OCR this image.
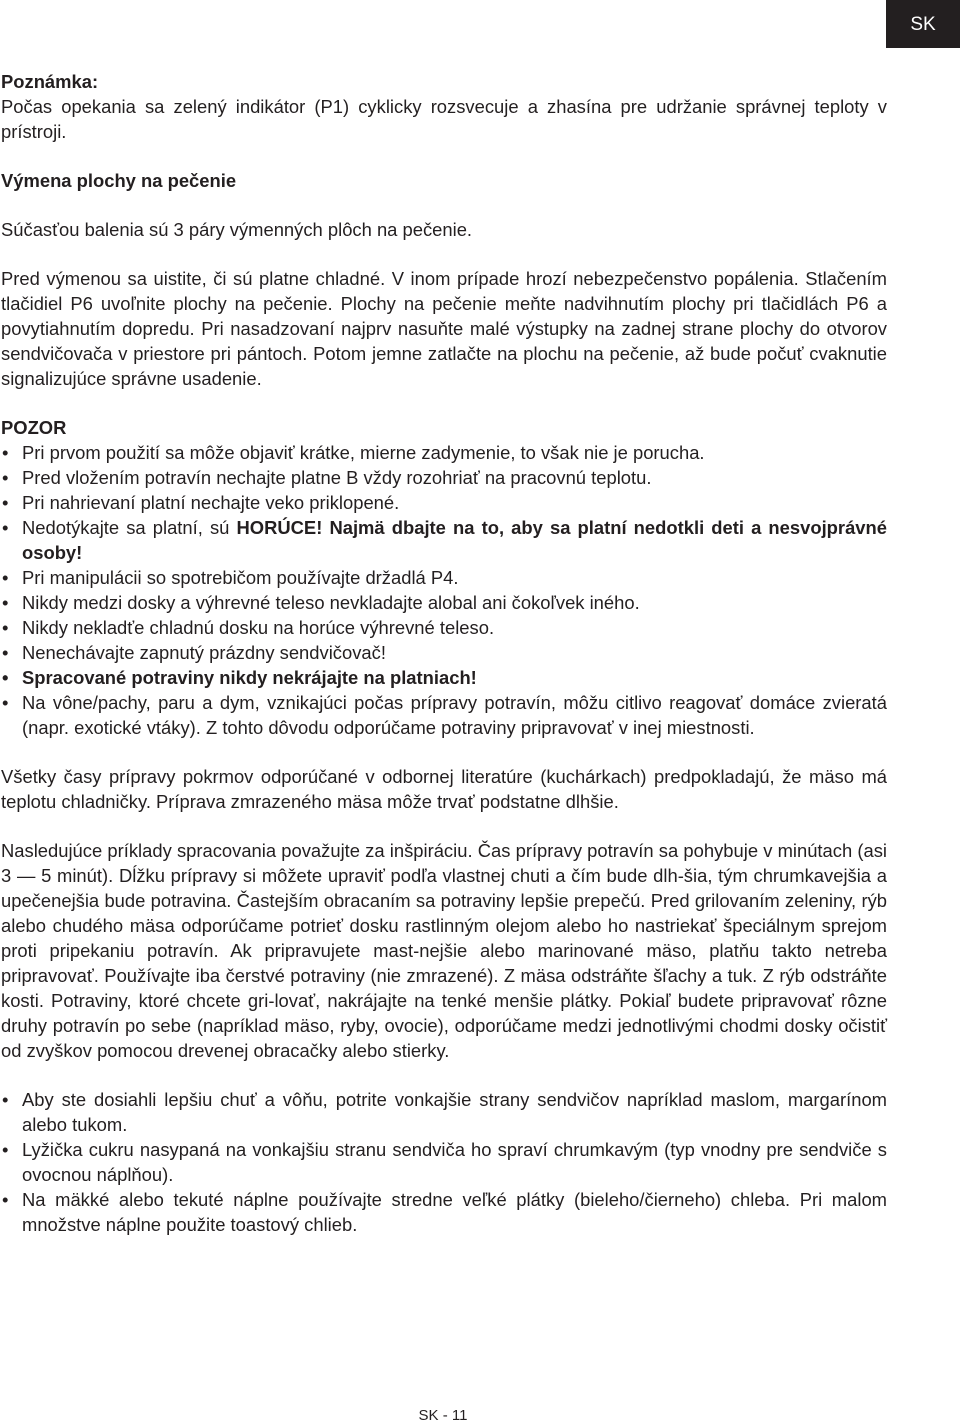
SK

Poznámka:

Počas opekania sa zelený indikátor (P1) cyklicky rozsvecuje a zhasína pre udržanie správnej teploty v prístroji.

Výmena plochy na pečenie

Súčasťou balenia sú 3 páry výmenných plôch na pečenie.

Pred výmenou sa uistite, či sú platne chladné. V inom prípade hrozí nebezpečenstvo popálenia. Stlačením tlačidiel P6 uvoľnite plochy na pečenie. Plochy na pečenie meňte nadvihnutím plochy pri tlačidlách P6 a povytiahnutím dopredu. Pri nasadzovaní najprv nasuňte malé výstupky na zadnej strane plochy do otvorov sendvičovača v priestore pri pántoch. Potom jemne zatlačte na plochu na pečenie, až bude počuť cvaknutie signalizujúce správne usadenie.

POZOR

• Pri prvom použití sa môže objaviť krátke, mierne zadymenie, to však nie je porucha.
• Pred vložením potravín nechajte platne B vždy rozohriať na pracovnú teplotu.
• Pri nahrievaní platní nechajte veko priklopené.
• Nedotýkajte sa platní, sú HORÚCE! Najmä dbajte na to, aby sa platní nedotkli deti a nesvojprávné osoby!
• Pri manipulácii so spotrebičom používajte držadlá P4.
• Nikdy medzi dosky a výhrevné teleso nevkladajte alobal ani čokoľvek iného.
• Nikdy nekladťe chladnú dosku na horúce výhrevné teleso.
• Nenechávajte zapnutý prázdny sendvičovač!
• Spracované potraviny nikdy nekrájajte na platniach!
• Na vône/pachy, paru a dym, vznikajúci počas prípravy potravín, môžu citlivo reagovať domáce zvieratá (napr. exotické vtáky). Z tohto dôvodu odporúčame potraviny pripravovať v inej miestnosti.

Všetky časy prípravy pokrmov odporúčané v odbornej literatúre (kuchárkach) predpokladajú, že mäso má teplotu chladničky. Príprava zmrazeného mäsa môže trvať podstatne dlhšie.

Nasledujúce príklady spracovania považujte za inšpiráciu. Čas prípravy potravín sa pohybuje v minútach (asi 3 — 5 minút). Dĺžku prípravy si môžete upraviť podľa vlastnej chuti a čím bude dlh-šia, tým chrumkavejšia a upečenejšia bude potravina. Častejším obracaním sa potraviny lepšie prepečú. Pred grilovaním zeleniny, rýb alebo chudého mäsa odporúčame potrieť dosku rastlinným olejom alebo ho nastriekať špeciálnym sprejom proti pripekaniu potravín. Ak pripravujete mast-nejšie alebo marinované mäso, platňu takto netreba pripravovať. Používajte iba čerstvé potraviny (nie zmrazené). Z mäsa odstráňte šľachy a tuk. Z rýb odstráňte kosti. Potraviny, ktoré chcete gri-lovať, nakrájajte na tenké menšie plátky. Pokiaľ budete pripravovať rôzne druhy potravín po sebe (napríklad mäso, ryby, ovocie), odporúčame medzi jednotlivými chodmi dosky očistiť od zvyškov pomocou drevenej obracačky alebo stierky.

• Aby ste dosiahli lepšiu chuť a vôňu, potrite vonkajšie strany sendvičov napríklad maslom, margarínom alebo tukom.
• Lyžička cukru nasypaná na vonkajšiu stranu sendviča ho spraví chrumkavým (typ vnodny pre sendviče s ovocnou náplňou).
• Na mäkké alebo tekuté náplne používajte stredne veľké plátky (bieleho/čierneho) chleba. Pri malom množstve náplne použite toastový chlieb.
SK - 11
